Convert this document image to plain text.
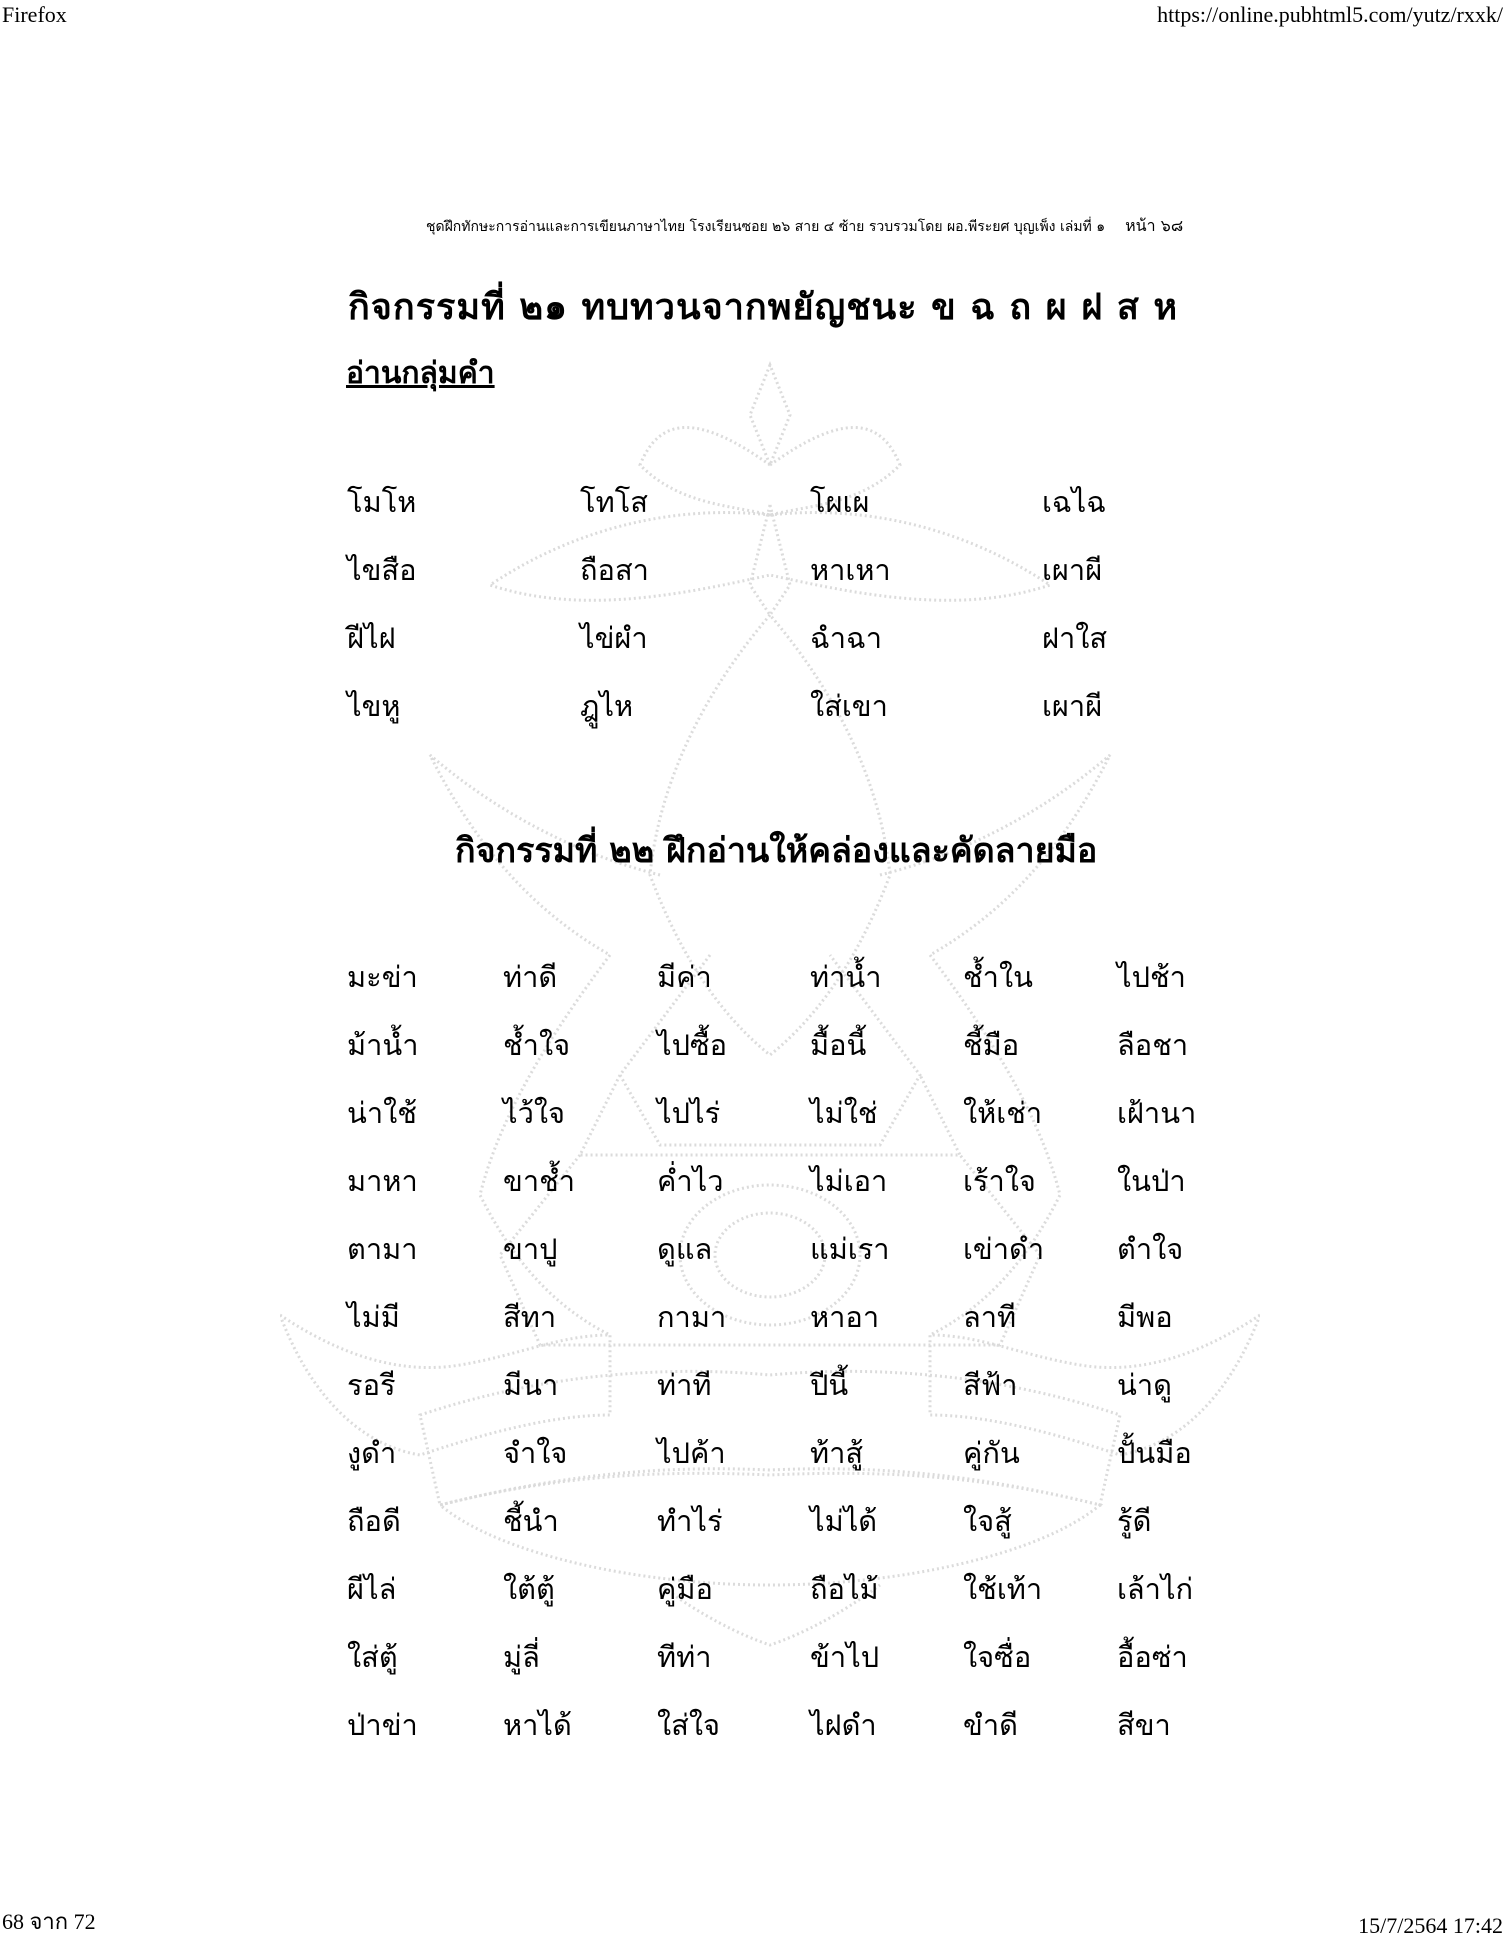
Firefox	https://online.pubhtml5.com/yutz/rxxk/
ชุดฝึกทักษะการอ่านและการเขียนภาษาไทย โรงเรียนซอย ๒๖ สาย ๔ ซ้าย รวบรวมโดย ผอ.พีระยศ บุญเพ็ง เล่มที่ ๑ หน้า ๖๘
กิจกรรมที่ ๒๑ ทบทวนจากพยัญชนะ ข ฉ ถ ผ ฝ ส ห
อ่านกลุ่มคำ
โมโห	โทโส	โผเผ	เฉไฉ
ไขสือ	ถือสา	หาเหา	เผาผี
ฝีไฝ	ไข่ผำ	ฉำฉา	ฝาใส
ไขหู	ฎูไห	ใส่เขา	เผาผี
กิจกรรมที่ ๒๒ ฝึกอ่านให้คล่องและคัดลายมือ
มะข่า	ท่าดี	มีค่า	ท่าน้ำ	ช้ำใน	ไปช้า
ม้าน้ำ	ช้ำใจ	ไปซื้อ	มื้อนี้	ชี้มือ	ลือชา
น่าใช้	ไว้ใจ	ไปไร่	ไม่ใช่	ให้เช่า	เฝ้านา
มาหา	ขาช้ำ	ค่ำไว	ไม่เอา	เร้าใจ	ในป่า
ตามา	ขาปู	ดูแล	แม่เรา	เข่าดำ	ตำใจ
ไม่มี	สีทา	กามา	หาอา	ลาที	มีพอ
รอรี	มีนา	ท่าที	ปีนี้	สีฟ้า	น่าดู
งูดำ	จำใจ	ไปค้า	ท้าสู้	คู่กัน	ปั้นมือ
ถือดี	ชี้นำ	ทำไร่	ไม่ได้	ใจสู้	รู้ดี
ผีไล่	ใต้ตู้	คู่มือ	ถือไม้	ใช้เท้า	เล้าไก่
ใส่ตู้	มู่ลี่	ทีท่า	ข้าไป	ใจซื่อ	อื้อซ่า
ป่าข่า	หาได้	ใส่ใจ	ไฝดำ	ขำดี	สีขา
68 จาก 72	15/7/2564 17:42
